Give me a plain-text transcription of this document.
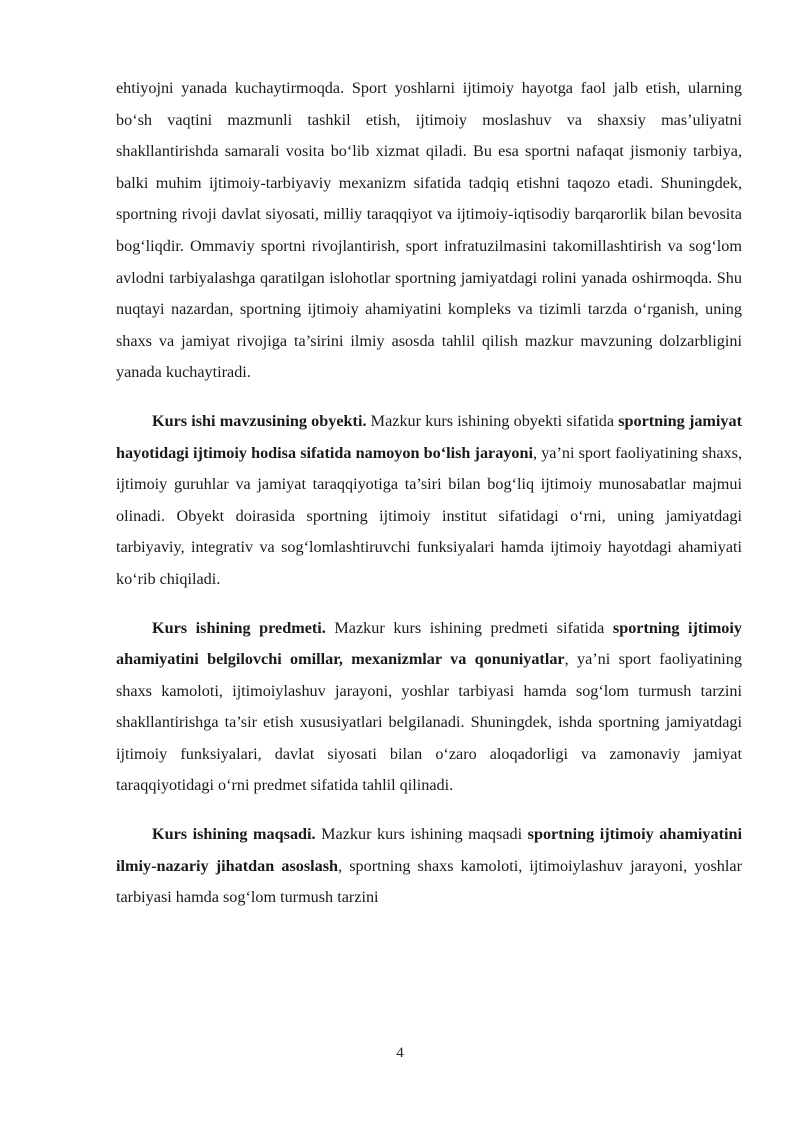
ehtiyojni yanada kuchaytirmoqda. Sport yoshlarni ijtimoiy hayotga faol jalb etish, ularning bo‘sh vaqtini mazmunli tashkil etish, ijtimoiy moslashuv va shaxsiy mas’uliyatni shakllantirishda samarali vosita bo‘lib xizmat qiladi. Bu esa sportni nafaqat jismoniy tarbiya, balki muhim ijtimoiy-tarbiyaviy mexanizm sifatida tadqiq etishni taqozo etadi. Shuningdek, sportning rivoji davlat siyosati, milliy taraqqiyot va ijtimoiy-iqtisodiy barqarorlik bilan bevosita bog‘liqdir. Ommaviy sportni rivojlantirish, sport infratuzilmasini takomillashtirish va sog‘lom avlodni tarbiyalashga qaratilgan islohotlar sportning jamiyatdagi rolini yanada oshirmoqda. Shu nuqtayi nazardan, sportning ijtimoiy ahamiyatini kompleks va tizimli tarzda o‘rganish, uning shaxs va jamiyat rivojiga ta’sirini ilmiy asosda tahlil qilish mazkur mavzuning dolzarbligini yanada kuchaytiradi.

Kurs ishi mavzusining obyekti. Mazkur kurs ishining obyekti sifatida sportning jamiyat hayotidagi ijtimoiy hodisa sifatida namoyon bo‘lish jarayoni, ya’ni sport faoliyatining shaxs, ijtimoiy guruhlar va jamiyat taraqqiyotiga ta’siri bilan bog‘liq ijtimoiy munosabatlar majmui olinadi. Obyekt doirasida sportning ijtimoiy institut sifatidagi o‘rni, uning jamiyatdagi tarbiyaviy, integrativ va sog‘lomlashtiruvchi funksiyalari hamda ijtimoiy hayotdagi ahamiyati ko‘rib chiqiladi.

Kurs ishining predmeti. Mazkur kurs ishining predmeti sifatida sportning ijtimoiy ahamiyatini belgilovchi omillar, mexanizmlar va qonuniyatlar, ya’ni sport faoliyatining shaxs kamoloti, ijtimoiylashuv jarayoni, yoshlar tarbiyasi hamda sog‘lom turmush tarzini shakllantirishga ta’sir etish xususiyatlari belgilanadi. Shuningdek, ishda sportning jamiyatdagi ijtimoiy funksiyalari, davlat siyosati bilan o‘zaro aloqadorligi va zamonaviy jamiyat taraqqiyotidagi o‘rni predmet sifatida tahlil qilinadi.

Kurs ishining maqsadi. Mazkur kurs ishining maqsadi sportning ijtimoiy ahamiyatini ilmiy-nazariy jihatdan asoslash, sportning shaxs kamoloti, ijtimoiylashuv jarayoni, yoshlar tarbiyasi hamda sog‘lom turmush tarzini

4
